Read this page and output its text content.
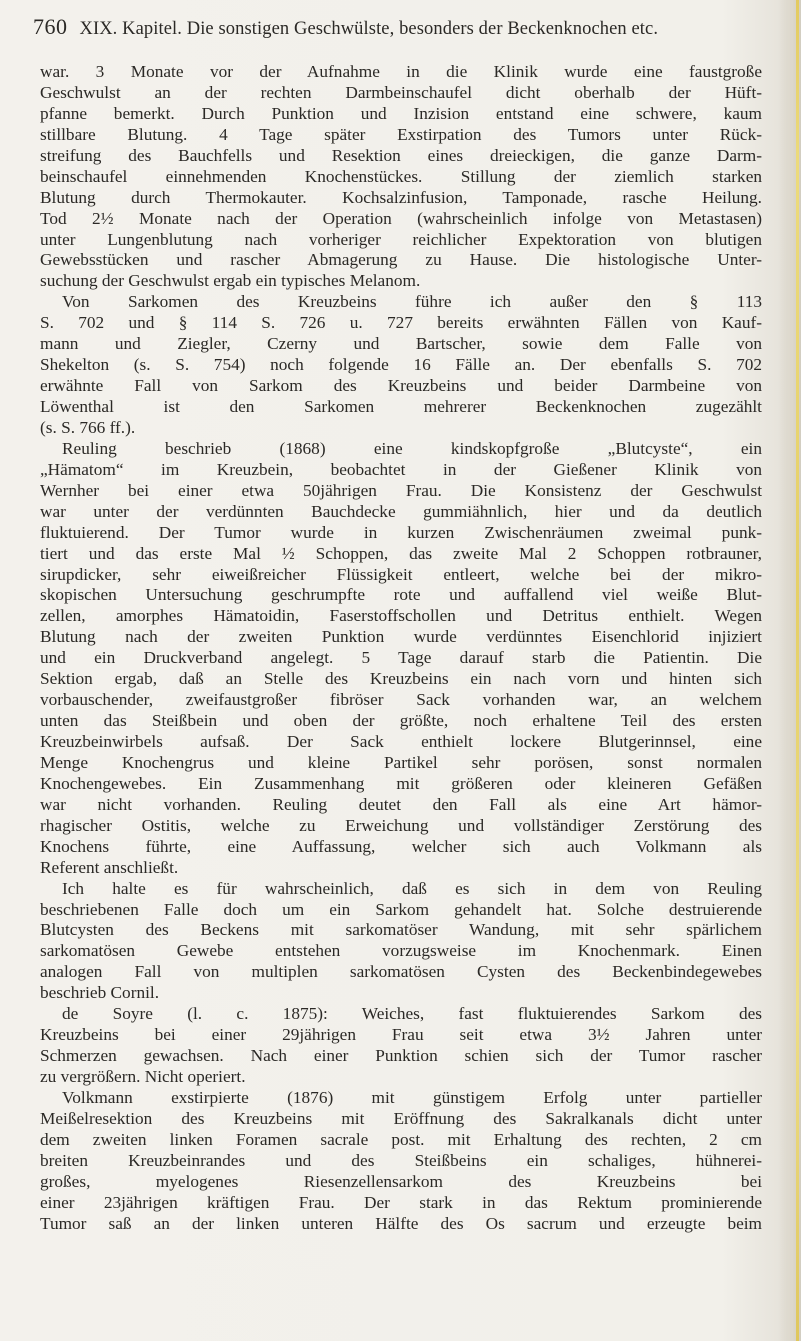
760 XIX. Kapitel. Die sonstigen Geschwülste, besonders der Beckenknochen etc.
war. 3 Monate vor der Aufnahme in die Klinik wurde eine faustgroße
Geschwulst an der rechten Darmbeinschaufel dicht oberhalb der Hüft-
pfanne bemerkt. Durch Punktion und Inzision entstand eine schwere, kaum
stillbare Blutung. 4 Tage später Exstirpation des Tumors unter Rück-
streifung des Bauchfells und Resektion eines dreieckigen, die ganze Darm-
beinschaufel einnehmenden Knochenstückes. Stillung der ziemlich starken
Blutung durch Thermokauter. Kochsalzinfusion, Tamponade, rasche Heilung.
Tod 2½ Monate nach der Operation (wahrscheinlich infolge von Metastasen)
unter Lungenblutung nach vorheriger reichlicher Expektoration von blutigen
Gewebsstücken und rascher Abmagerung zu Hause. Die histologische Unter-
suchung der Geschwulst ergab ein typisches Melanom.
Von Sarkomen des Kreuzbeins führe ich außer den § 113
S. 702 und § 114 S. 726 u. 727 bereits erwähnten Fällen von Kauf-
mann und Ziegler, Czerny und Bartscher, sowie dem Falle von
Shekelton (s. S. 754) noch folgende 16 Fälle an. Der ebenfalls S. 702
erwähnte Fall von Sarkom des Kreuzbeins und beider Darmbeine von
Löwenthal ist den Sarkomen mehrerer Beckenknochen zugezählt
(s. S. 766 ff.).
Reuling beschrieb (1868) eine kindskopfgroße „Blutcyste“, ein
„Hämatom“ im Kreuzbein, beobachtet in der Gießener Klinik von
Wernher bei einer etwa 50jährigen Frau. Die Konsistenz der Geschwulst
war unter der verdünnten Bauchdecke gummiähnlich, hier und da deutlich
fluktuierend. Der Tumor wurde in kurzen Zwischenräumen zweimal punk-
tiert und das erste Mal ½ Schoppen, das zweite Mal 2 Schoppen rotbrauner,
sirupdicker, sehr eiweißreicher Flüssigkeit entleert, welche bei der mikro-
skopischen Untersuchung geschrumpfte rote und auffallend viel weiße Blut-
zellen, amorphes Hämatoidin, Faserstoffschollen und Detritus enthielt. Wegen
Blutung nach der zweiten Punktion wurde verdünntes Eisenchlorid injiziert
und ein Druckverband angelegt. 5 Tage darauf starb die Patientin. Die
Sektion ergab, daß an Stelle des Kreuzbeins ein nach vorn und hinten sich
vorbauschender, zweifaustgroßer fibröser Sack vorhanden war, an welchem
unten das Steißbein und oben der größte, noch erhaltene Teil des ersten
Kreuzbeinwirbels aufsaß. Der Sack enthielt lockere Blutgerinnsel, eine
Menge Knochengrus und kleine Partikel sehr porösen, sonst normalen
Knochengewebes. Ein Zusammenhang mit größeren oder kleineren Gefäßen
war nicht vorhanden. Reuling deutet den Fall als eine Art hämor-
rhagischer Ostitis, welche zu Erweichung und vollständiger Zerstörung des
Knochens führte, eine Auffassung, welcher sich auch Volkmann als
Referent anschließt.
Ich halte es für wahrscheinlich, daß es sich in dem von Reuling
beschriebenen Falle doch um ein Sarkom gehandelt hat. Solche destruierende
Blutcysten des Beckens mit sarkomatöser Wandung, mit sehr spärlichem
sarkomatösen Gewebe entstehen vorzugsweise im Knochenmark. Einen
analogen Fall von multiplen sarkomatösen Cysten des Beckenbindegewebes
beschrieb Cornil.
de Soyre (l. c. 1875): Weiches, fast fluktuierendes Sarkom des
Kreuzbeins bei einer 29jährigen Frau seit etwa 3½ Jahren unter
Schmerzen gewachsen. Nach einer Punktion schien sich der Tumor rascher
zu vergrößern. Nicht operiert.
Volkmann exstirpierte (1876) mit günstigem Erfolg unter partieller
Meißelresektion des Kreuzbeins mit Eröffnung des Sakralkanals dicht unter
dem zweiten linken Foramen sacrale post. mit Erhaltung des rechten, 2 cm
breiten Kreuzbeinrandes und des Steißbeins ein schaliges, hühnerei-
großes, myelogenes Riesenzellensarkom des Kreuzbeins bei
einer 23jährigen kräftigen Frau. Der stark in das Rektum prominierende
Tumor saß an der linken unteren Hälfte des Os sacrum und erzeugte beim
